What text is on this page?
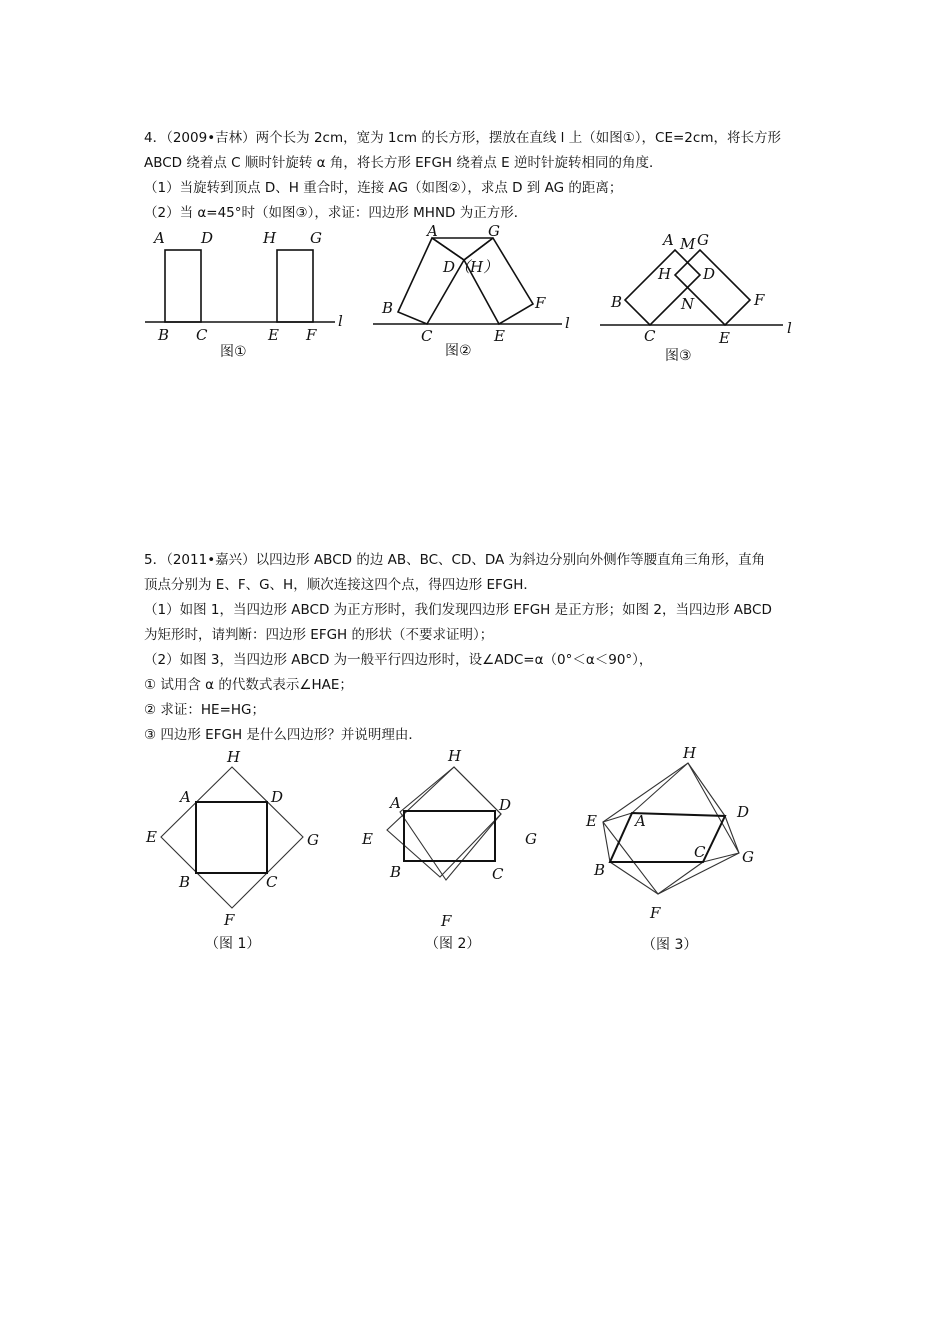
4．（2009•吉林）两个长为 2cm，宽为 1cm 的长方形，摆放在直线 l 上（如图①），CE=2cm，将长方形
ABCD 绕着点 C 顺时针旋转 α 角，将长方形 EFGH 绕着点 E 逆时针旋转相同的角度．
（1）当旋转到顶点 D、H 重合时，连接 AG（如图②），求点 D 到 AG 的距离；
（2）当 α=45°时（如图③），求证：四边形 MHND 为正方形．
A D	H G
B C	E F
l
图①
A	G
D（H）
B	F
C	E
l
图②
A M G
H D
B	N	F
C	E
l
图③
5．（2011•嘉兴）以四边形 ABCD 的边 AB、BC、CD、DA 为斜边分别向外侧作等腰直角三角形，直角
顶点分别为 E、F、G、H，顺次连接这四个点，得四边形 EFGH．
（1）如图 1，当四边形 ABCD 为正方形时，我们发现四边形 EFGH 是正方形；如图 2，当四边形 ABCD
为矩形时，请判断：四边形 EFGH 的形状（不要求证明）；
（2）如图 3，当四边形 ABCD 为一般平行四边形时，设∠ADC=α（0°＜α＜90°），
① 试用含 α 的代数式表示∠HAE；
② 求证：HE=HG；
③ 四边形 EFGH 是什么四边形？并说明理由．
H
A	D
E	G
B	C
F
（图 1）
H
A	D
E	G
B	C
F
（图 2）
H
E	A	D
C G
B
F
（图 3）
